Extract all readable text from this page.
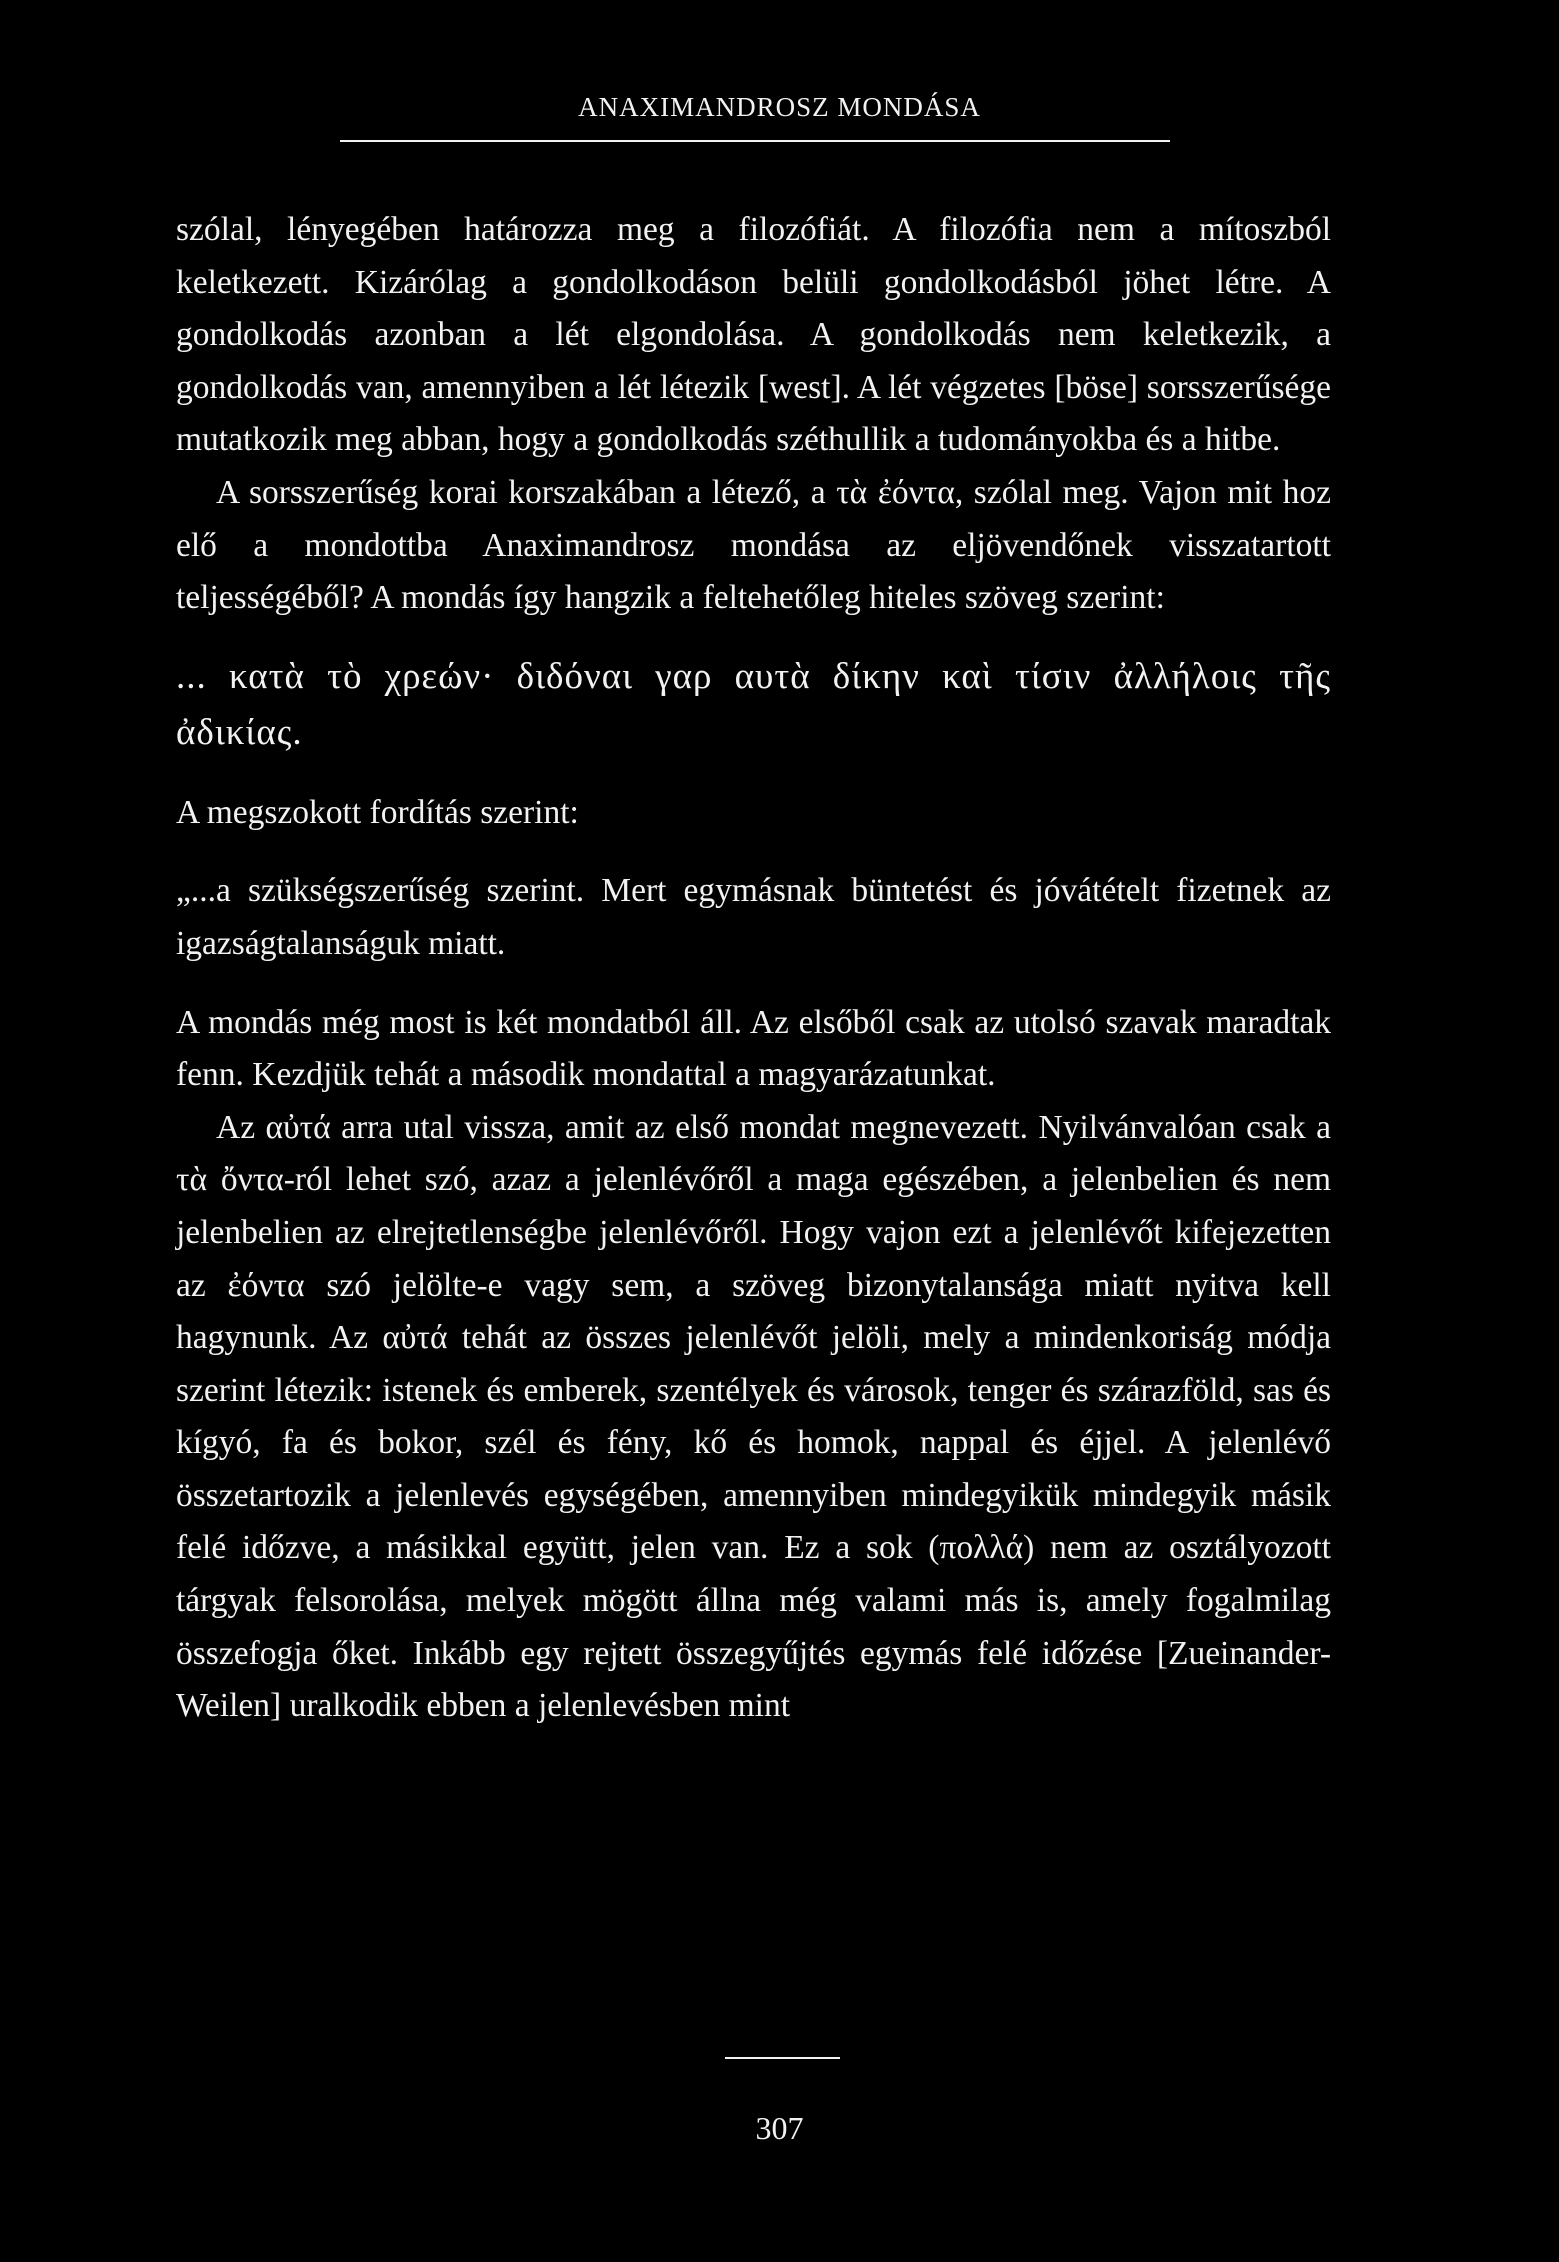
ANAXIMANDROSZ MONDÁSA

szólal, lényegében határozza meg a filozófiát. A filozófia nem a mítoszból keletkezett. Kizárólag a gondolkodáson belüli gondolkodásból jöhet létre. A gondolkodás azonban a lét elgondolása. A gondolkodás nem keletkezik, a gondolkodás van, amennyiben a lét létezik [west]. A lét végzetes [böse] sorsszerűsége mutatkozik meg abban, hogy a gondolkodás széthullik a tudományokba és a hitbe.

A sorsszerűség korai korszakában a létező, a τὰ ἐόντα, szólal meg. Vajon mit hoz elő a mondottba Anaximandrosz mondása az eljövendőnek visszatartott teljességéből? A mondás így hangzik a feltehetőleg hiteles szöveg szerint:

... κατὰ τὸ χρεών· διδόναι γαρ αυτὰ δίκην καὶ τίσιν ἀλλήλοις τῆς ἀδικίας.

A megszokott fordítás szerint:

„...a szükségszerűség szerint. Mert egymásnak büntetést és jóvátételt fizetnek az igazságtalanságuk miatt.

A mondás még most is két mondatból áll. Az elsőből csak az utolsó szavak maradtak fenn. Kezdjük tehát a második mondattal a magyarázatunkat.

Az αὐτά arra utal vissza, amit az első mondat megnevezett. Nyilvánvalóan csak a τὰ ὄντα-ról lehet szó, azaz a jelenlévőről a maga egészében, a jelenbelien és nem jelenbelien az elrejtetlenségbe jelenlévőről. Hogy vajon ezt a jelenlévőt kifejezetten az ἐόντα szó jelölte-e vagy sem, a szöveg bizonytalansága miatt nyitva kell hagynunk. Az αὐτά tehát az összes jelenlévőt jelöli, mely a mindenkoriság módja szerint létezik: istenek és emberek, szentélyek és városok, tenger és szárazföld, sas és kígyó, fa és bokor, szél és fény, kő és homok, nappal és éjjel. A jelenlévő összetartozik a jelenlevés egységében, amennyiben mindegyikük mindegyik másik felé időzve, a másikkal együtt, jelen van. Ez a sok (πολλά) nem az osztályozott tárgyak felsorolása, melyek mögött állna még valami más is, amely fogalmilag összefogja őket. Inkább egy rejtett összegyűjtés egymás felé időzése [Zueinander-Weilen] uralkodik ebben a jelenlevésben mint

307
